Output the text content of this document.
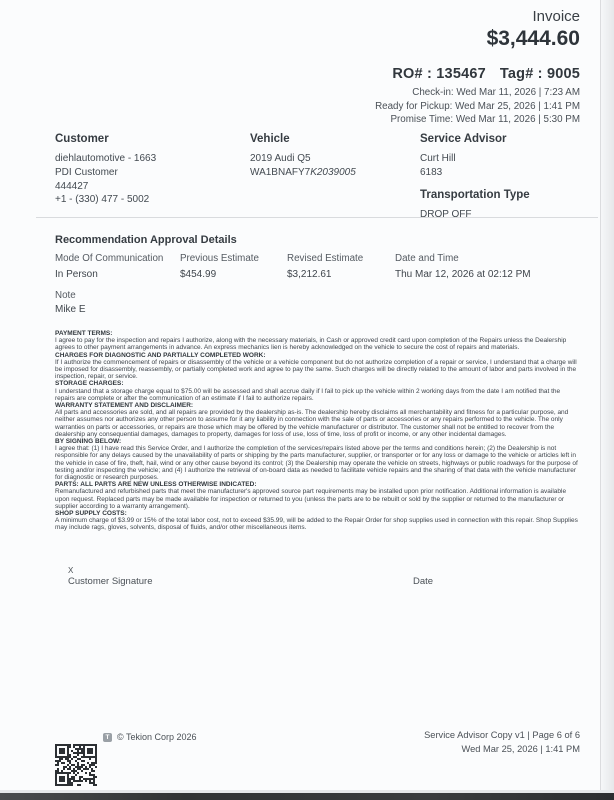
Invoice
$3,444.60
RO# : 135467 Tag# : 9005
Check-in: Wed Mar 11, 2026 | 7:23 AM
Ready for Pickup: Wed Mar 25, 2026 | 1:41 PM
Promise Time: Wed Mar 11, 2026 | 5:30 PM
Customer
diehlautomotive - 1663
PDI Customer
444427
+1 - (330) 477 - 5002
Vehicle
2019 Audi Q5
WA1BNAFY7K2039005
Service Advisor
Curt Hill
6183
Transportation Type
DROP OFF
Recommendation Approval Details
Mode Of Communication
In Person
Previous Estimate
$454.99
Revised Estimate
$3,212.61
Date and Time
Thu Mar 12, 2026 at 02:12 PM
Note
Mike E
PAYMENT TERMS:
I agree to pay for the inspection and repairs I authorize, along with the necessary materials, in Cash or approved credit card upon completion of the Repairs unless the Dealership agrees to other payment arrangements in advance. An express mechanics lien is hereby acknowledged on the vehicle to secure the cost of repairs and materials.
CHARGES FOR DIAGNOSTIC AND PARTIALLY COMPLETED WORK:
If I authorize the commencement of repairs or disassembly of the vehicle or a vehicle component but do not authorize completion of a repair or service, I understand that a charge will be imposed for disassembly, reassembly, or partially completed work and agree to pay the same. Such charges will be directly related to the amount of labor and parts involved in the inspection, repair, or service.
STORAGE CHARGES:
I understand that a storage charge equal to $75.00 will be assessed and shall accrue daily if I fail to pick up the vehicle within 2 working days from the date I am notified that the repairs are complete or after the communication of an estimate if I fail to authorize repairs.
WARRANTY STATEMENT AND DISCLAIMER:
All parts and accessories are sold, and all repairs are provided by the dealership as-is. The dealership hereby disclaims all merchantability and fitness for a particular purpose, and neither assumes nor authorizes any other person to assume for it any liability in connection with the sale of parts or accessories or any repairs performed to the vehicle. The only warranties on parts or accessories, or repairs are those which may be offered by the vehicle manufacturer or distributor. The customer shall not be entitled to recover from the dealership any consequential damages, damages to property, damages for loss of use, loss of time, loss of profit or income, or any other incidental damages.
BY SIGNING BELOW:
I agree that: (1) I have read this Service Order, and I authorize the completion of the services/repairs listed above per the terms and conditions herein; (2) the Dealership is not responsible for any delays caused by the unavailability of parts or shipping by the parts manufacturer, supplier, or transporter or for any loss or damage to the vehicle or articles left in the vehicle in case of fire, theft, hail, wind or any other cause beyond its control; (3) the Dealership may operate the vehicle on streets, highways or public roadways for the purpose of testing and/or inspecting the vehicle; and (4) I authorize the retrieval of on-board data as needed to facilitate vehicle repairs and the sharing of that data with the vehicle manufacturer for diagnostic or research purposes.
PARTS: ALL PARTS ARE NEW UNLESS OTHERWISE INDICATED:
Remanufactured and refurbished parts that meet the manufacturer's approved source part requirements may be installed upon prior notification. Additional information is available upon request. Replaced parts may be made available for inspection or returned to you (unless the parts are to be rebuilt or sold by the supplier or returned to the manufacturer or supplier according to a warranty arrangement).
SHOP SUPPLY COSTS:
A minimum charge of $3.99 or 15% of the total labor cost, not to exceed $35.99, will be added to the Repair Order for shop supplies used in connection with this repair. Shop Supplies may include rags, gloves, solvents, disposal of fluids, and/or other miscellaneous items.
X
Customer Signature	Date
T © Tekion Corp 2026	Service Advisor Copy v1 | Page 6 of 6
Wed Mar 25, 2026 | 1:41 PM
